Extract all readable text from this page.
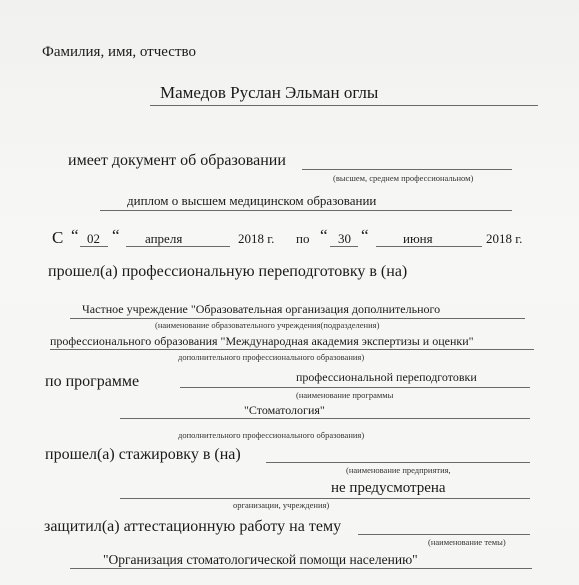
Фамилия, имя, отчество
Мамедов Руслан Эльман оглы
имеет документ об образовании
(высшем, среднем профессиональном)
диплом о высшем медицинском образовании
С “ 02 “ апреля	2018 г. по “ 30 “	июня	2018 г.
прошел(а) профессиональную переподготовку в (на)
Частное учреждение "Образовательная организация дополнительного
(наименование образовательного учреждения(подразделения)
профессионального образования "Международная академия экспертизы и оценки"
дополнительного профессионального образования)
по программе	профессиональной переподготовки
(наименование программы
"Стоматология"
дополнительного профессионального образования)
прошел(а) стажировку в (на)
(наименование предприятия,
не предусмотрена
организации, учреждения)
защитил(а) аттестационную работу на тему
(наименование темы)
"Организация стоматологической помощи населению"
